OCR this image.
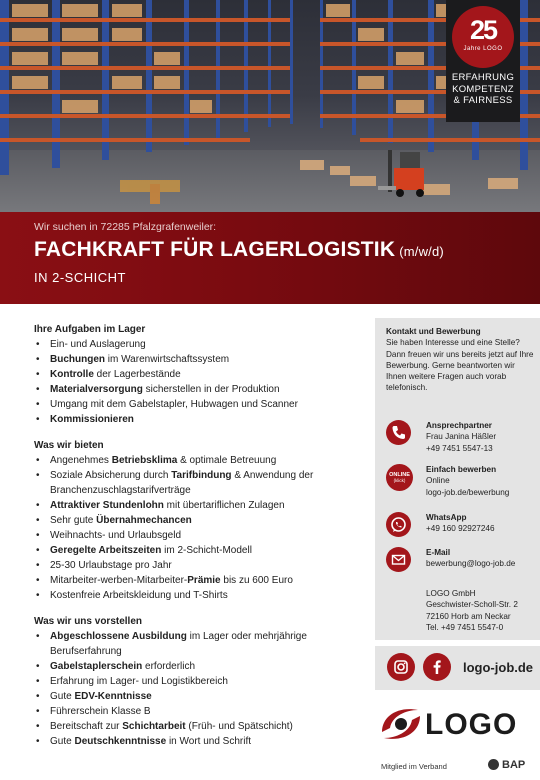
25
Jahre LOGO
ERFAHRUNG
KOMPETENZ
& FAIRNESS
Wir suchen in 72285 Pfalzgrafenweiler:
FACHKRAFT FÜR LAGERLOGISTIK (m/w/d)
IN 2-SCHICHT
Ihre Aufgaben im Lager
• Ein- und Auslagerung
• Buchungen im Warenwirtschaftssystem
• Kontrolle der Lagerbestände
• Materialversorgung sicherstellen in der Produktion
• Umgang mit dem Gabelstapler, Hubwagen und Scanner
• Kommissionieren
Was wir bieten
• Angenehmes Betriebsklima & optimale Betreuung
• Soziale Absicherung durch Tarifbindung & Anwendung der Branchenzuschlagstarifverträge
• Attraktiver Stundenlohn mit übertariflichen Zulagen
• Sehr gute Übernahmechancen
• Weihnachts- und Urlaubsgeld
• Geregelte Arbeitszeiten im 2-Schicht-Modell
• 25-30 Urlaubstage pro Jahr
• Mitarbeiter-werben-Mitarbeiter-Prämie bis zu 600 Euro
• Kostenfreie Arbeitskleidung und T-Shirts
Was wir uns vorstellen
• Abgeschlossene Ausbildung im Lager oder mehrjährige Berufserfahrung
• Gabelstaplerschein erforderlich
• Erfahrung im Lager- und Logistikbereich
• Gute EDV-Kenntnisse
• Führerschein Klasse B
• Bereitschaft zur Schichtarbeit (Früh- und Spätschicht)
• Gute Deutschkenntnisse in Wort und Schrift
Kontakt und Bewerbung
Sie haben Interesse und eine Stelle? Dann freuen wir uns bereits jetzt auf Ihre Bewerbung. Gerne beantworten wir Ihnen weitere Fragen auch vorab telefonisch.
Ansprechpartner
Frau Janina Häßler
+49 7451 5547-13
ONLINE
(klick)
Einfach bewerben
Online
logo-job.de/bewerbung
WhatsApp
+49 160 92927246
E-Mail
bewerbung@logo-job.de
LOGO GmbH
Geschwister-Scholl-Str. 2
72160 Horb am Neckar
Tel. +49 7451 5547-0
logo-job.de
LOGO
Mitglied im Verband	BAP
